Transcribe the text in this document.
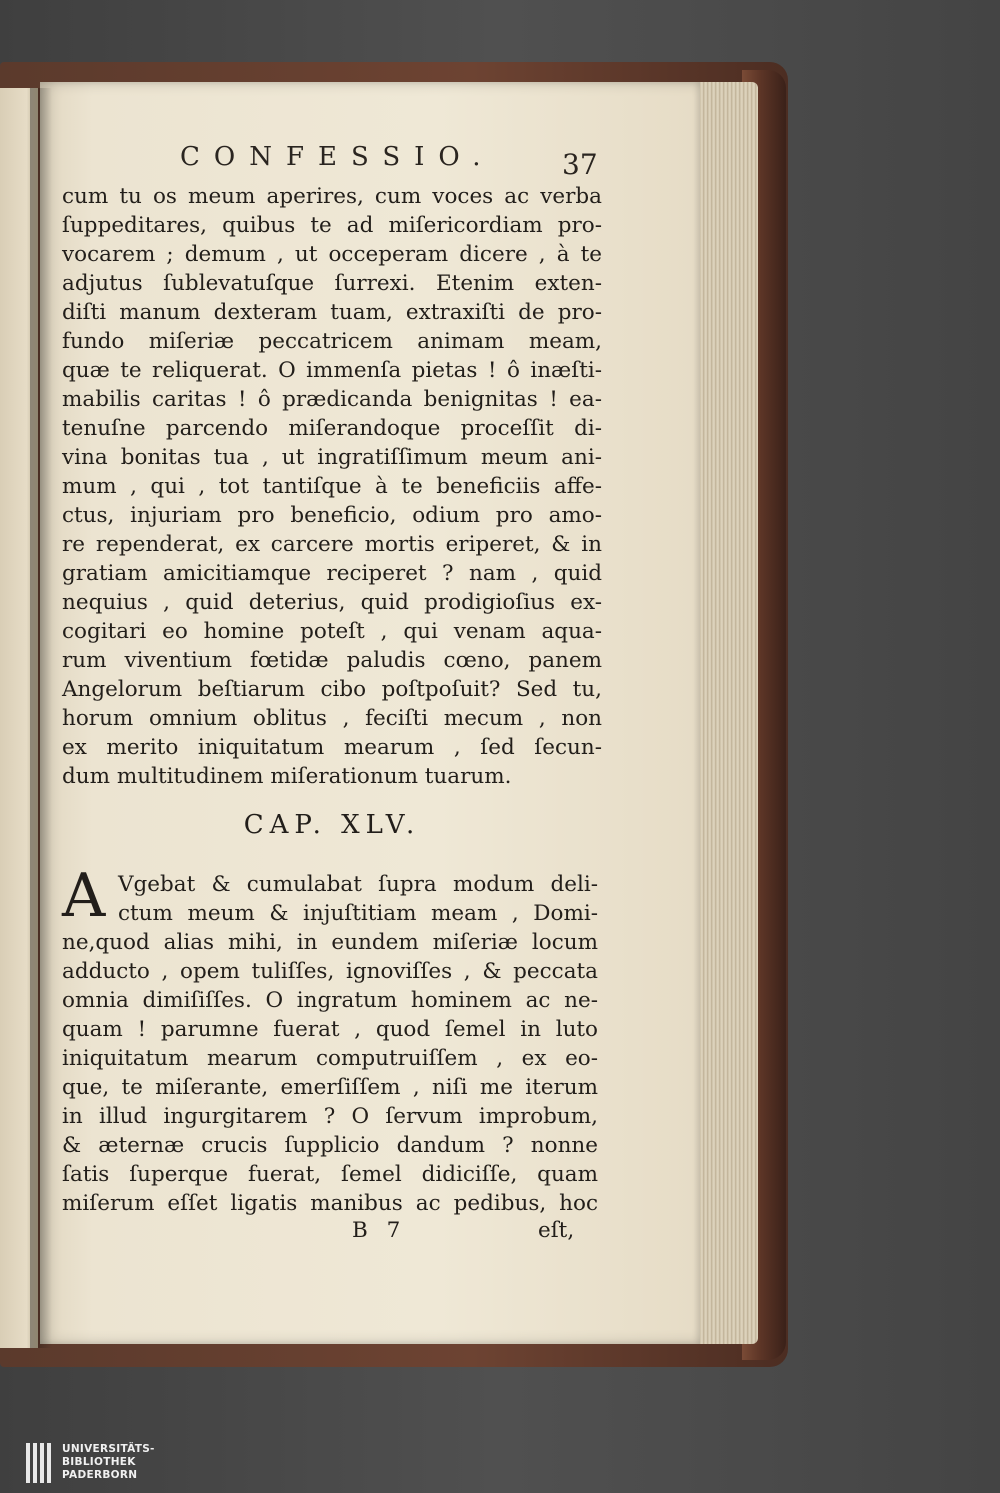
CONFESSIO. 37
cum tu os meum aperires, cum voces ac verba
ſuppeditares, quibus te ad miſericordiam pro-
vocarem ; demum , ut occeperam dicere , à te
adjutus ſublevatuſque ſurrexi. Etenim exten-
diſti manum dexteram tuam, extraxiſti de pro-
fundo miſeriæ peccatricem animam meam,
quæ te reliquerat. O immenſa pietas ! ô inæſti-
mabilis caritas ! ô prædicanda benignitas ! ea-
tenuſne parcendo miſerandoque proceſſit di-
vina bonitas tua , ut ingratiſſimum meum ani-
mum , qui , tot tantiſque à te beneficiis affe-
ctus, injuriam pro beneficio, odium pro amo-
re rependerat, ex carcere mortis eriperet, & in
gratiam amicitiamque reciperet ? nam , quid
nequius , quid deterius, quid prodigioſius ex-
cogitari eo homine poteſt , qui venam aqua-
rum viventium fœtidæ paludis cœno, panem
Angelorum beſtiarum cibo poſtpoſuit? Sed tu,
horum omnium oblitus , feciſti mecum , non
ex merito iniquitatum mearum , ſed ſecun-
dum multitudinem miſerationum tuarum.
CAP. XLV.
A Vgebat & cumulabat ſupra modum deli-
ctum meum & injuſtitiam meam , Domi-
ne,quod alias mihi, in eundem miſeriæ locum
adducto , opem tuliſſes, ignoviſſes , & peccata
omnia dimiſiſſes. O ingratum hominem ac ne-
quam ! parumne fuerat , quod ſemel in luto
iniquitatum mearum computruiſſem , ex eo-
que, te miſerante, emerſiſſem , niſi me iterum
in illud ingurgitarem ? O ſervum improbum,
& æternæ crucis ſupplicio dandum ? nonne
ſatis ſuperque fuerat, ſemel didiciſſe, quam
miſerum eſſet ligatis manibus ac pedibus, hoc
B 7	eſt,
UNIVERSITÄTS-
BIBLIOTHEK
PADERBORN
